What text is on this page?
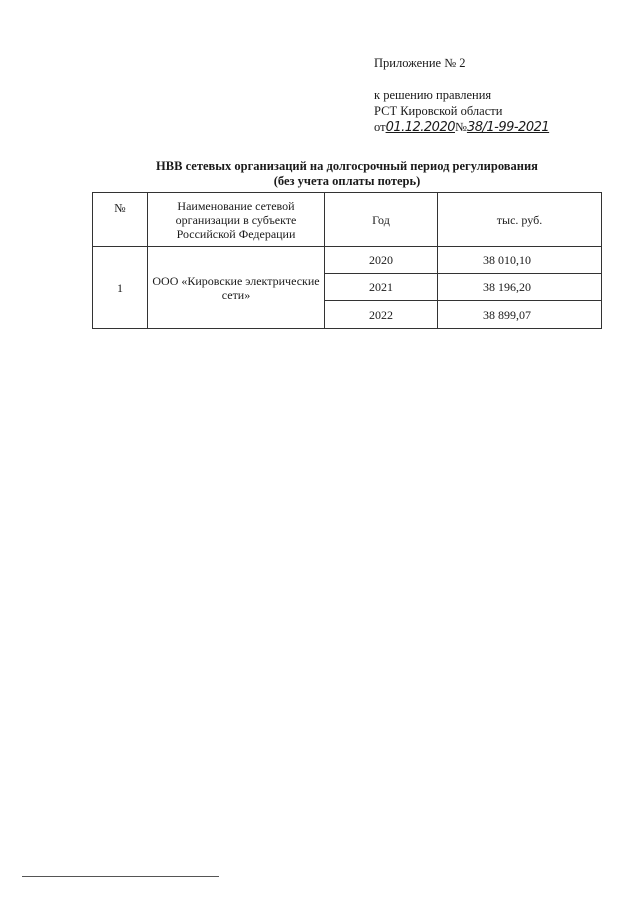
Приложение № 2
к решению правления
РСТ Кировской области
от01.12.2020№38/1-99-2021
НВВ сетевых организаций на долгосрочный период регулирования
(без учета оплаты потерь)
№	Наименование сетевой организации в субъекте Российской Федерации	Год	тыс. руб.
1	ООО «Кировские электрические сети»	2020	38 010,10
		2021	38 196,20
		2022	38 899,07
